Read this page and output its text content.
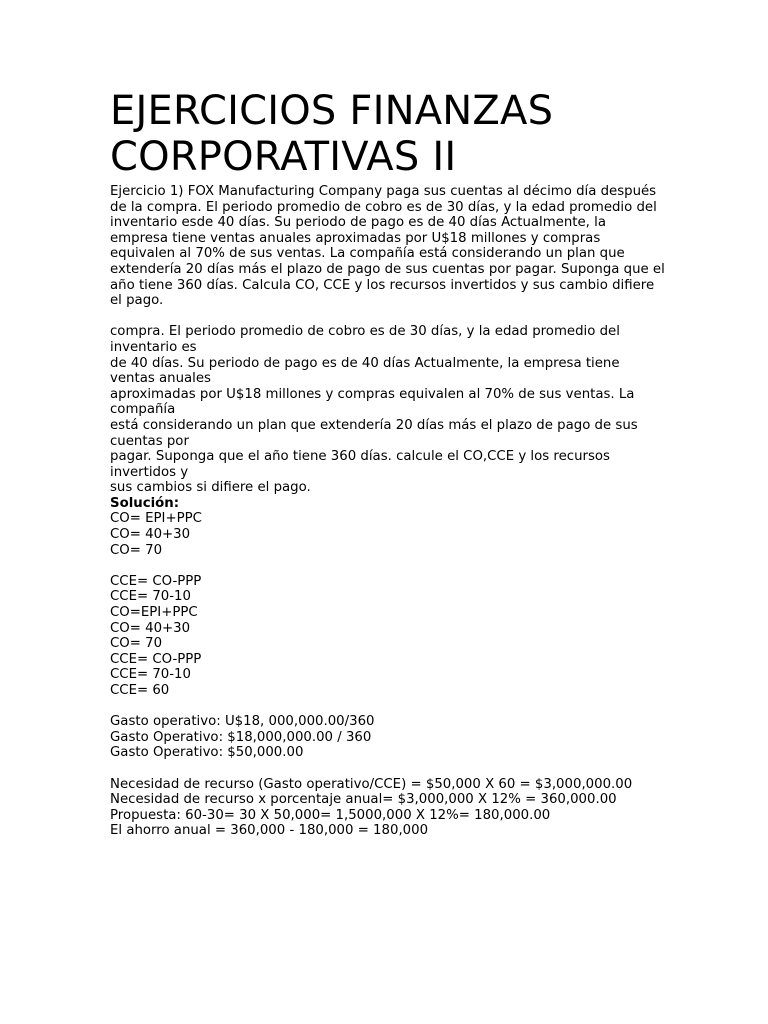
EJERCICIOS FINANZAS CORPORATIVAS II

Ejercicio 1) FOX Manufacturing Company paga sus cuentas al décimo día después de la compra. El periodo promedio de cobro es de 30 días, y la edad promedio del inventario esde 40 días. Su periodo de pago es de 40 días Actualmente, la empresa tiene ventas anuales aproximadas por U$18 millones y compras equivalen al 70% de sus ventas. La compañía está considerando un plan que extendería 20 días más el plazo de pago de sus cuentas por pagar. Suponga que el año tiene 360 días. Calcula CO, CCE y los recursos invertidos y sus cambio difiere el pago.

compra. El periodo promedio de cobro es de 30 días, y la edad promedio del inventario es
de 40 días. Su periodo de pago es de 40 días Actualmente, la empresa tiene ventas anuales
aproximadas por U$18 millones y compras equivalen al 70% de sus ventas. La compañía
está considerando un plan que extendería 20 días más el plazo de pago de sus cuentas por
pagar. Suponga que el año tiene 360 días. calcule el CO,CCE y los recursos invertidos y
sus cambios si difiere el pago.
Solución:
CO= EPI+PPC
CO= 40+30
CO= 70
CCE= CO-PPP
CCE= 70-10
CO=EPI+PPC
CO= 40+30
CO= 70
CCE= CO-PPP
CCE= 70-10
CCE= 60
Gasto operativo: U$18, 000,000.00/360
Gasto Operativo: $18,000,000.00 / 360
Gasto Operativo: $50,000.00
Necesidad de recurso (Gasto operativo/CCE) = $50,000 X 60 = $3,000,000.00
Necesidad de recurso x porcentaje anual= $3,000,000 X 12% = 360,000.00
Propuesta: 60-30= 30 X 50,000= 1,5000,000 X 12%= 180,000.00
El ahorro anual = 360,000 - 180,000 = 180,000
